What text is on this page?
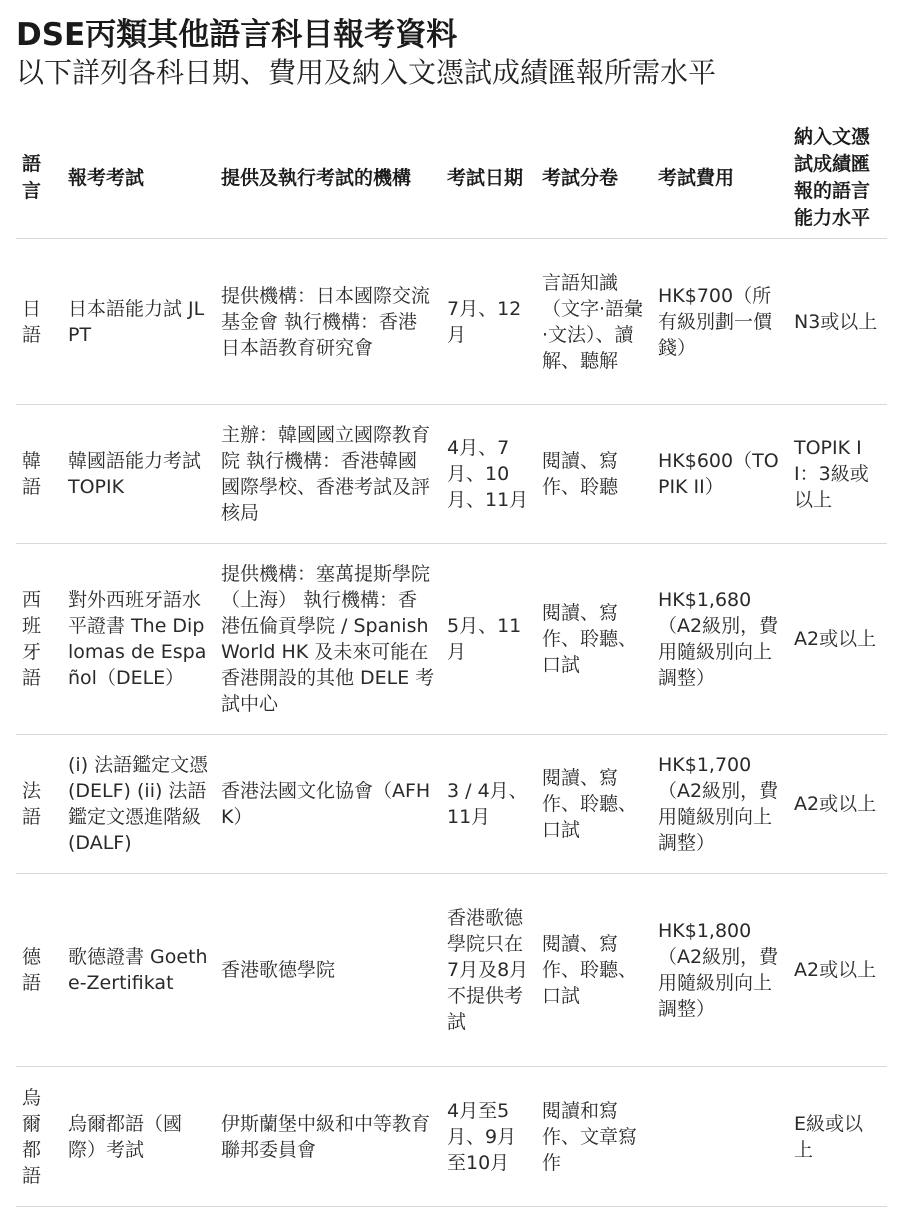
DSE丙類其他語言科目報考資料
以下詳列各科日期、費用及納入文憑試成績匯報所需水平
語言	報考考試	提供及執行考試的機構	考試日期	考試分卷	考試費用	納入文憑試成績匯報的語言能力水平
日語	日本語能力試 JLPT	提供機構：日本國際交流基金會 執行機構：香港日本語教育研究會	7月、12月	言語知識（文字·語彙·文法）、讀解、聽解	HK$700（所有級別劃一價錢）	N3或以上
韓語	韓國語能力考試TOPIK	主辦：韓國國立國際教育院 執行機構：香港韓國國際學校、香港考試及評核局	4月、7月、10月、11月	閱讀、寫作、聆聽	HK$600（TOPIK II）	TOPIK II：3級或以上
西班牙語	對外西班牙語水平證書 The Diplomas de Español（DELE）	提供機構：塞萬提斯學院（上海） 執行機構：香港伍倫貢學院 / Spanish World HK 及未來可能在香港開設的其他 DELE 考試中心	5月、11月	閱讀、寫作、聆聽、口試	HK$1,680（A2級別，費用隨級別向上調整）	A2或以上
法語	(i) 法語鑑定文憑 (DELF) (ii) 法語鑑定文憑進階級 (DALF)	香港法國文化協會（AFHK）	3 / 4月、11月	閱讀、寫作、聆聽、口試	HK$1,700（A2級別，費用隨級別向上調整）	A2或以上
德語	歌德證書 Goethe-Zertifikat	香港歌德學院	香港歌德學院只在7月及8月不提供考試	閱讀、寫作、聆聽、口試	HK$1,800（A2級別，費用隨級別向上調整）	A2或以上
烏爾都語	烏爾都語（國際）考試	伊斯蘭堡中級和中等教育聯邦委員會	4月至5月、9月至10月	閱讀和寫作、文章寫作		E級或以上
